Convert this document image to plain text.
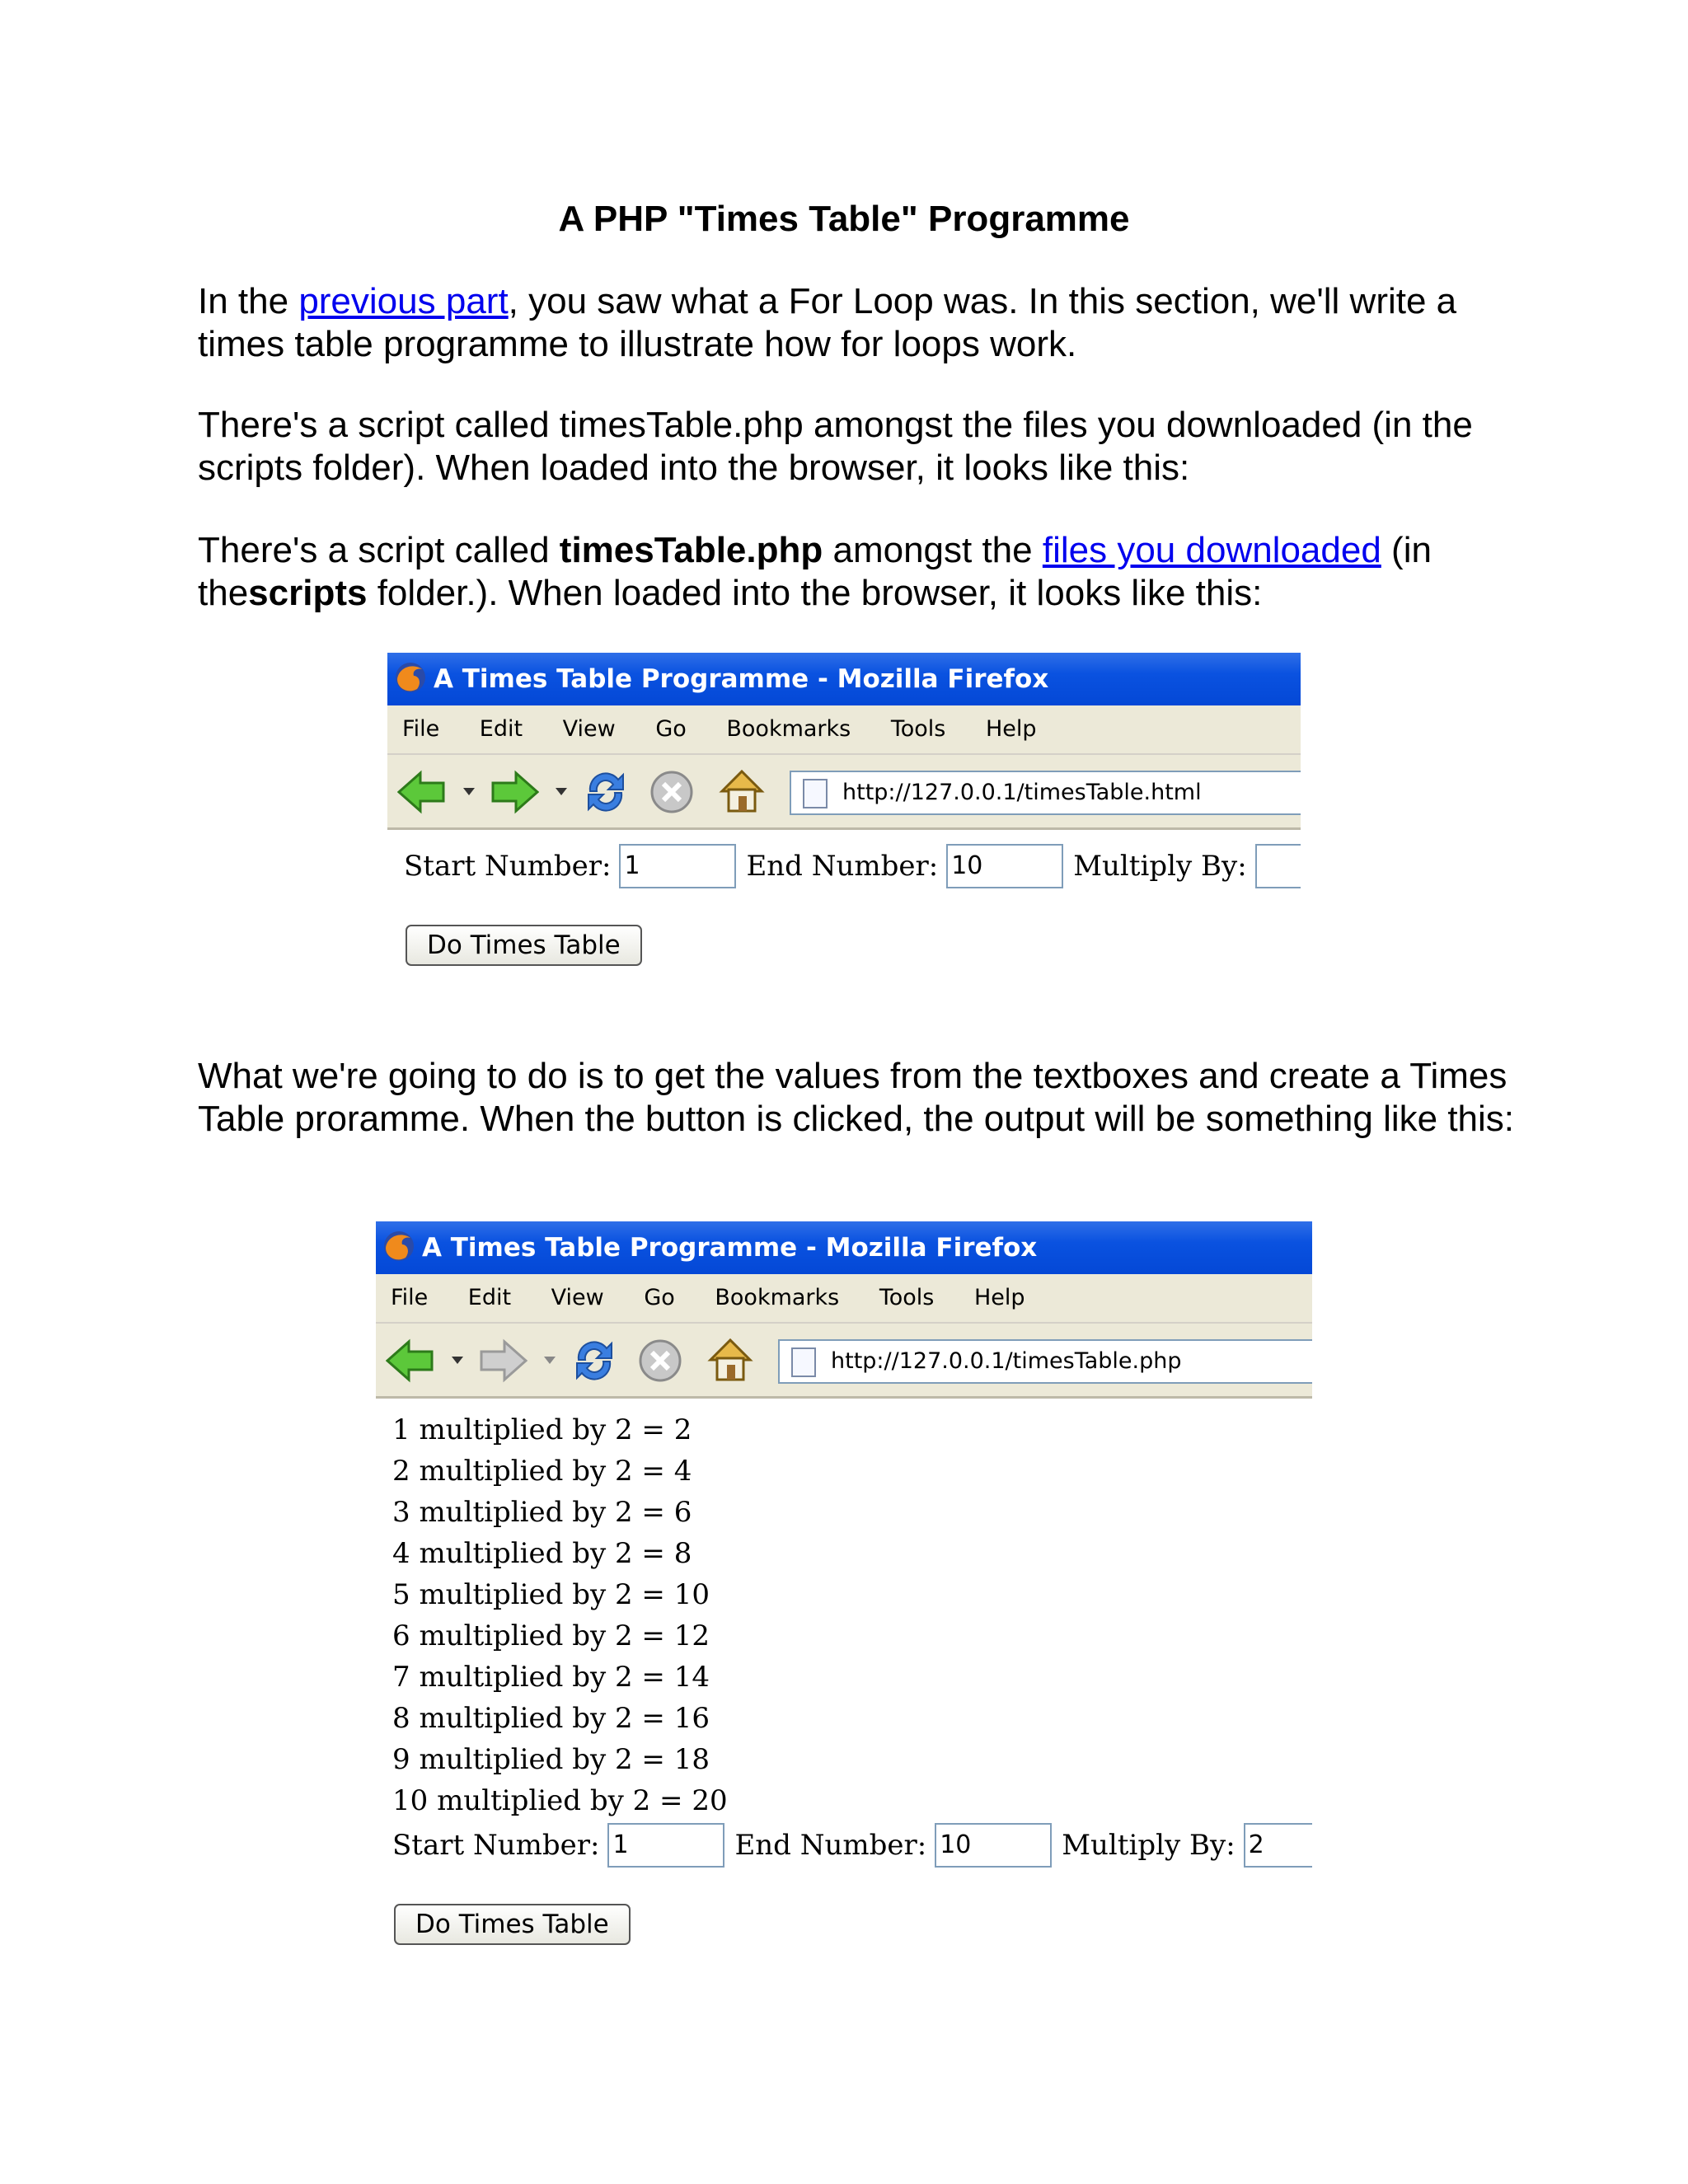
A PHP "Times Table" Programme

In the previous part, you saw what a For Loop was. In this section, we'll write a times table programme to illustrate how for loops work.

There's a script called timesTable.php amongst the files you downloaded (in the scripts folder). When loaded into the browser, it looks like this:

There's a script called timesTable.php amongst the files you downloaded (in thescripts folder.). When loaded into the browser, it looks like this:

A Times Table Programme - Mozilla Firefox
File Edit View Go Bookmarks Tools Help
http://127.0.0.1/timesTable.html
Start Number: 1	End Number: 10	Multiply By:
Do Times Table

What we're going to do is to get the values from the textboxes and create a Times Table proramme. When the button is clicked, the output will be something like this:

A Times Table Programme - Mozilla Firefox
File Edit View Go Bookmarks Tools Help
http://127.0.0.1/timesTable.php
1 multiplied by 2 = 2
2 multiplied by 2 = 4
3 multiplied by 2 = 6
4 multiplied by 2 = 8
5 multiplied by 2 = 10
6 multiplied by 2 = 12
7 multiplied by 2 = 14
8 multiplied by 2 = 16
9 multiplied by 2 = 18
10 multiplied by 2 = 20
Start Number: 1	End Number: 10	Multiply By: 2
Do Times Table
